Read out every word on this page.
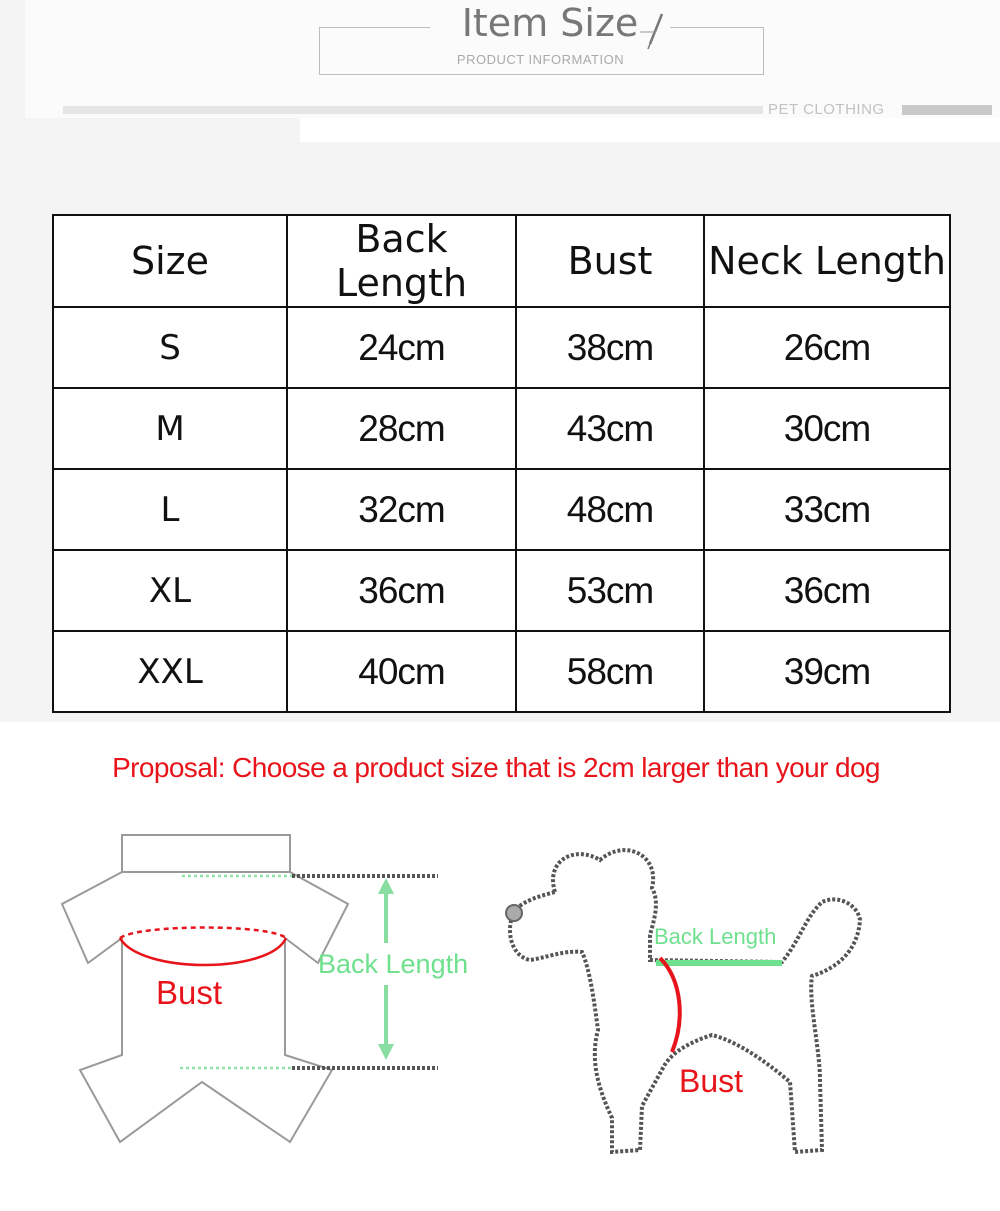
Item Size
PRODUCT INFORMATION
PET CLOTHING
Size	Back Length	Bust	Neck Length
S	24cm	38cm	26cm
M	28cm	43cm	30cm
L	32cm	48cm	33cm
XL	36cm	53cm	36cm
XXL	40cm	58cm	39cm
Proposal: Choose a product size that is 2cm larger than your dog
Bust
Back Length
Back Length
Bust
